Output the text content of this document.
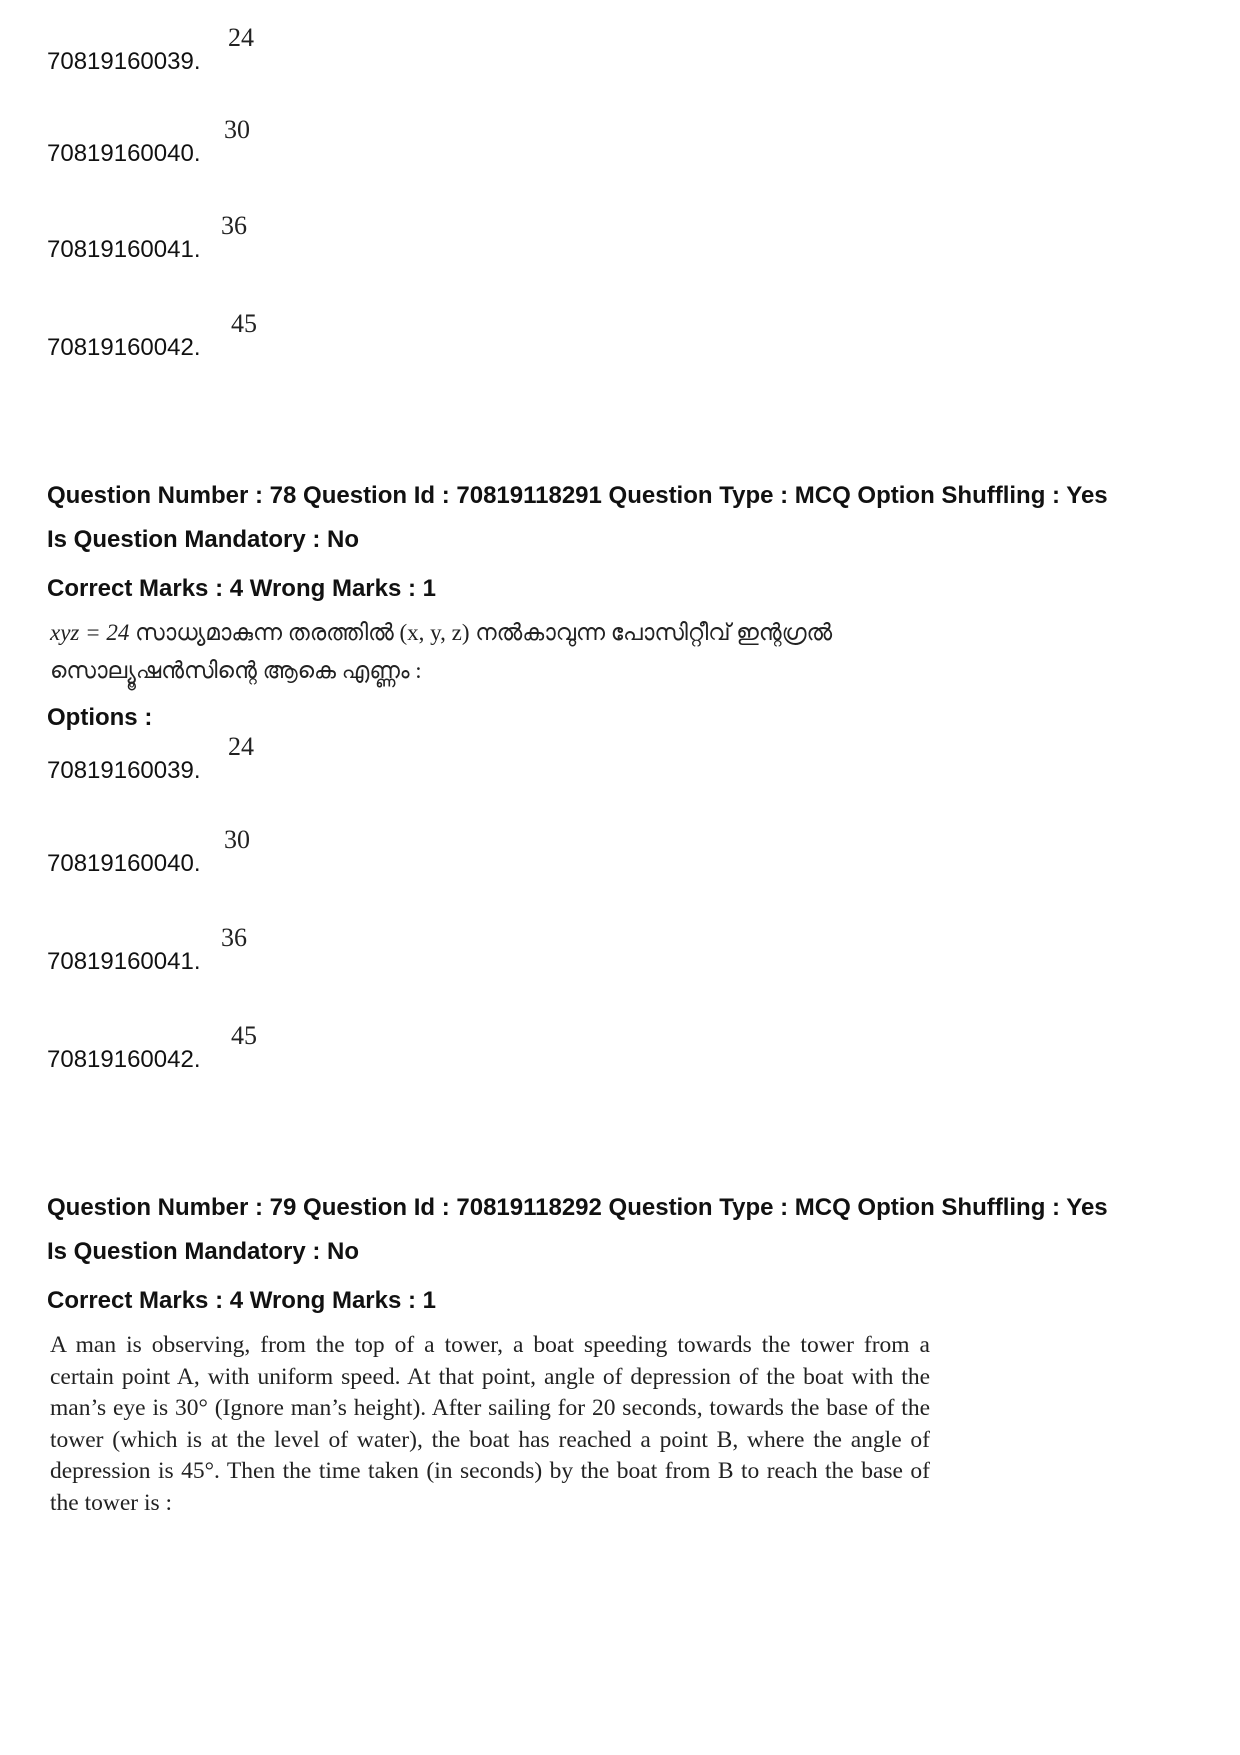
70819160039.
24
70819160040.
30
70819160041.
36
70819160042.
45
Question Number : 78 Question Id : 70819118291 Question Type : MCQ Option Shuffling : Yes
Is Question Mandatory : No
Correct Marks : 4 Wrong Marks : 1
xyz = 24 സാധ്യമാകുന്ന തരത്തിൽ (x, y, z) നൽകാവുന്ന പോസിറ്റീവ് ഇന്റഗ്രൽ
സൊല്യൂഷൻസിന്റെ ആകെ എണ്ണം :
Options :
70819160039.
24
70819160040.
30
70819160041.
36
70819160042.
45
Question Number : 79 Question Id : 70819118292 Question Type : MCQ Option Shuffling : Yes
Is Question Mandatory : No
Correct Marks : 4 Wrong Marks : 1
A man is observing, from the top of a tower, a boat speeding towards the tower from a certain point A, with uniform speed. At that point, angle of depression of the boat with the man’s eye is 30° (Ignore man’s height). After sailing for 20 seconds, towards the base of the tower (which is at the level of water), the boat has reached a point B, where the angle of depression is 45°. Then the time taken (in seconds) by the boat from B to reach the base of the tower is :
